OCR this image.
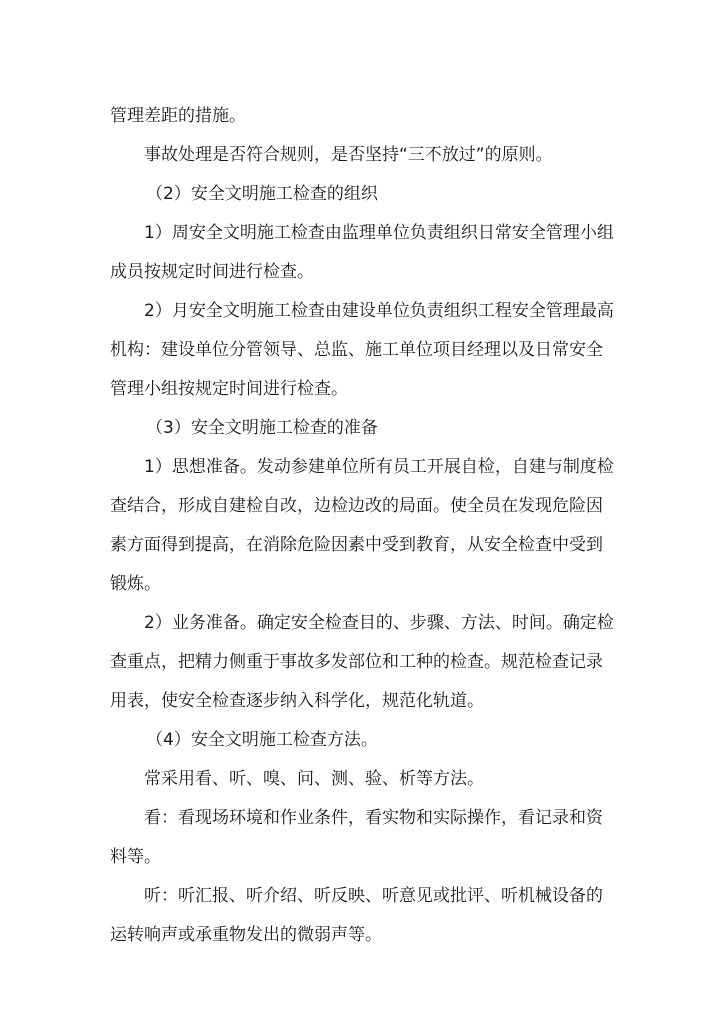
管理差距的措施。
事故处理是否符合规则，是否坚持“三不放过”的原则。
（2）安全文明施工检查的组织
1）周安全文明施工检查由监理单位负责组织日常安全管理小组
成员按规定时间进行检查。
2）月安全文明施工检查由建设单位负责组织工程安全管理最高
机构：建设单位分管领导、总监、施工单位项目经理以及日常安全
管理小组按规定时间进行检查。
（3）安全文明施工检查的准备
1）思想准备。发动参建单位所有员工开展自检，自建与制度检
查结合，形成自建检自改，边检边改的局面。使全员在发现危险因
素方面得到提高，在消除危险因素中受到教育，从安全检查中受到
锻炼。
2）业务准备。确定安全检查目的、步骤、方法、时间。确定检
查重点，把精力侧重于事故多发部位和工种的检查。规范检查记录
用表，使安全检查逐步纳入科学化，规范化轨道。
（4）安全文明施工检查方法。
常采用看、听、嗅、问、测、验、析等方法。
看：看现场环境和作业条件，看实物和实际操作，看记录和资
料等。
听：听汇报、听介绍、听反映、听意见或批评、听机械设备的
运转响声或承重物发出的微弱声等。
